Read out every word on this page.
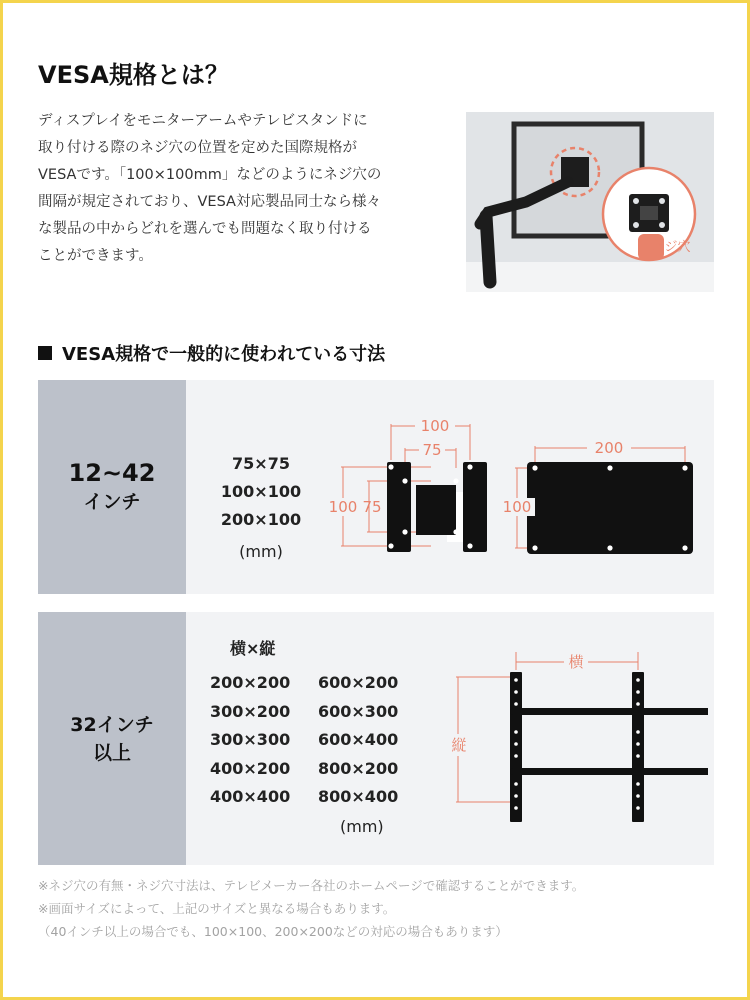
VESA規格とは？
ディスプレイをモニターアームやテレビスタンドに
取り付ける際のネジ穴の位置を定めた国際規格が
VESAです。「100×100mm」などのようにネジ穴の
間隔が規定されており、VESA対応製品同士なら様々
な製品の中からどれを選んでも問題なく取り付ける
ことができます。
ネジ穴
VESA規格で一般的に使われている寸法
12~42
インチ
75×75
100×100
200×100
(mm)
100
75
100 75
200
100
32インチ
以上
横×縦
200×200	600×200
300×200	600×300
300×300	600×400
400×200	800×200
400×400	800×400
(mm)
横
縦
※ネジ穴の有無・ネジ穴寸法は、テレビメーカー各社のホームページで確認することができます。
※画面サイズによって、上記のサイズと異なる場合もあります。
（40インチ以上の場合でも、100×100、200×200などの対応の場合もあります）
